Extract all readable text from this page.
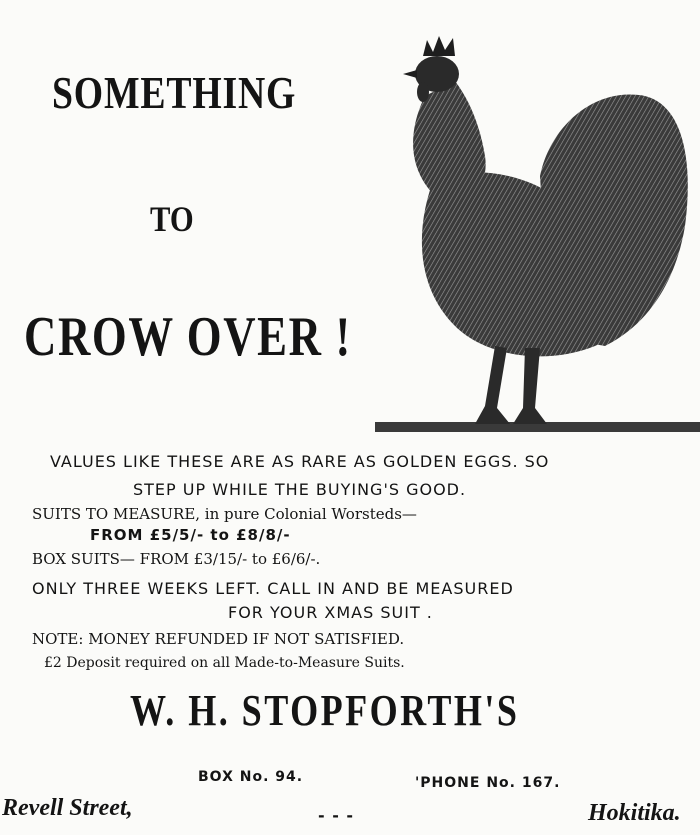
SOMETHING
TO
CROW OVER !
VALUES LIKE THESE ARE AS RARE AS GOLDEN EGGS. SO
STEP UP WHILE THE BUYING'S GOOD.
SUITS TO MEASURE, in pure Colonial Worsteds—
FROM £5/5/- to £8/8/-
BOX SUITS— FROM £3/15/- to £6/6/-.
ONLY THREE WEEKS LEFT. CALL IN AND BE MEASURED
FOR YOUR XMAS SUIT .
NOTE: MONEY REFUNDED IF NOT SATISFIED.
£2 Deposit required on all Made-to-Measure Suits.
W. H. STOPFORTH'S
BOX No. 94.	'PHONE No. 167.
Revell Street,	- - -	Hokitika.
